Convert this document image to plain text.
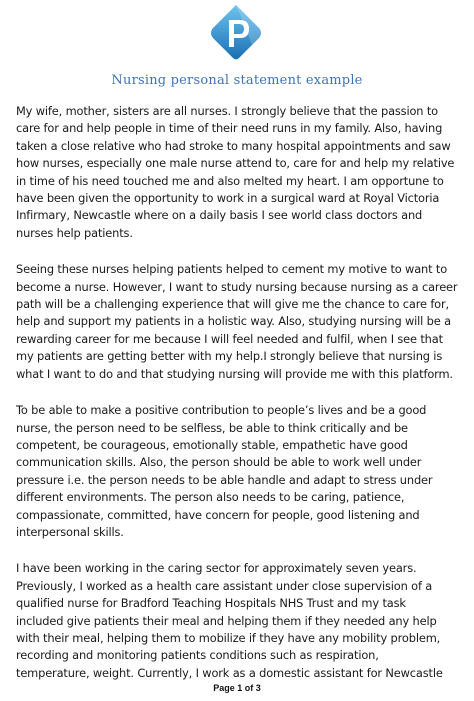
Nursing personal statement example

My wife, mother, sisters are all nurses. I strongly believe that the passion to
care for and help people in time of their need runs in my family. Also, having
taken a close relative who had stroke to many hospital appointments and saw
how nurses, especially one male nurse attend to, care for and help my relative
in time of his need touched me and also melted my heart. I am opportune to
have been given the opportunity to work in a surgical ward at Royal Victoria
Infirmary, Newcastle where on a daily basis I see world class doctors and
nurses help patients.

Seeing these nurses helping patients helped to cement my motive to want to
become a nurse. However, I want to study nursing because nursing as a career
path will be a challenging experience that will give me the chance to care for,
help and support my patients in a holistic way. Also, studying nursing will be a
rewarding career for me because I will feel needed and fulfil, when I see that
my patients are getting better with my help.I strongly believe that nursing is
what I want to do and that studying nursing will provide me with this platform.

To be able to make a positive contribution to people’s lives and be a good
nurse, the person need to be selfless, be able to think critically and be
competent, be courageous, emotionally stable, empathetic have good
communication skills. Also, the person should be able to work well under
pressure i.e. the person needs to be able handle and adapt to stress under
different environments. The person also needs to be caring, patience,
compassionate, committed, have concern for people, good listening and
interpersonal skills.

I have been working in the caring sector for approximately seven years.
Previously, I worked as a health care assistant under close supervision of a
qualified nurse for Bradford Teaching Hospitals NHS Trust and my task
included give patients their meal and helping them if they needed any help
with their meal, helping them to mobilize if they have any mobility problem,
recording and monitoring patients conditions such as respiration,
temperature, weight. Currently, I work as a domestic assistant for Newcastle

Page 1 of 3
